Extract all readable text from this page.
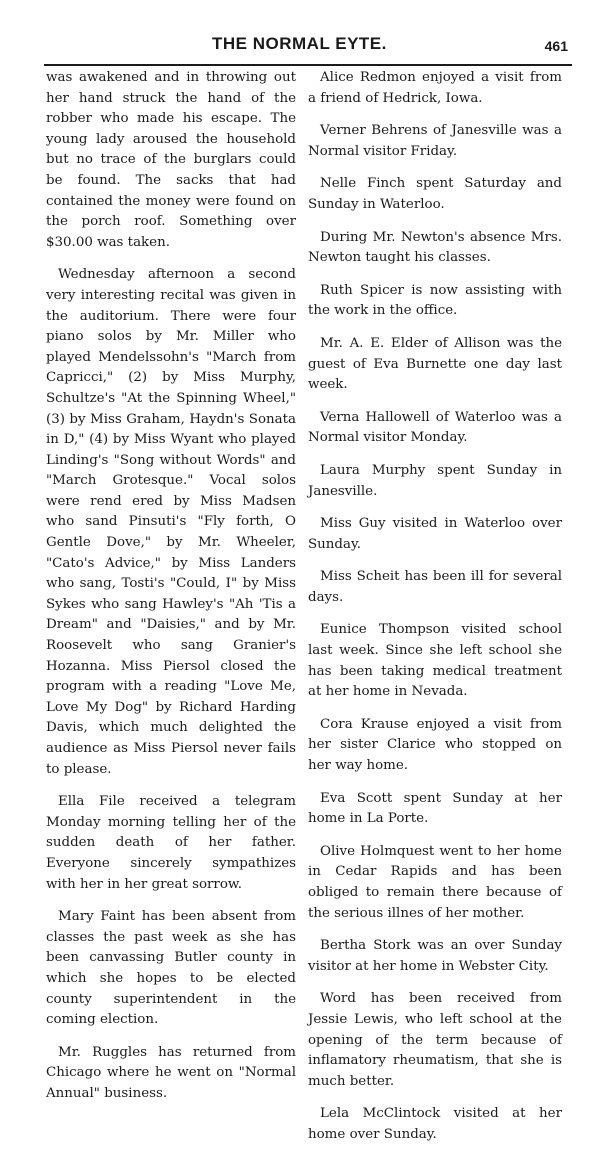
THE NORMAL EYTE.	461

was awakened and in throwing out her hand struck the hand of the robber who made his escape. The young lady aroused the household but no trace of the burglars could be found. The sacks that had contained the money were found on the porch roof. Something over $30.00 was taken.

Wednesday afternoon a second very interesting recital was given in the auditorium. There were four piano solos by Mr. Miller who played Mendelssohn's "March from Capricci," (2) by Miss Murphy, Schultze's "At the Spinning Wheel," (3) by Miss Graham, Haydn's Sonata in D," (4) by Miss Wyant who played Linding's "Song without Words" and "March Grotesque." Vocal solos were rend ered by Miss Madsen who sand Pinsuti's "Fly forth, O Gentle Dove," by Mr. Wheeler, "Cato's Advice," by Miss Landers who sang, Tosti's "Could, I" by Miss Sykes who sang Hawley's "Ah 'Tis a Dream" and "Daisies," and by Mr. Roosevelt who sang Granier's Hozanna. Miss Piersol closed the program with a reading "Love Me, Love My Dog" by Richard Harding Davis, which much delighted the audience as Miss Piersol never fails to please.

Ella File received a telegram Monday morning telling her of the sudden death of her father. Everyone sincerely sympathizes with her in her great sorrow.

Mary Faint has been absent from classes the past week as she has been canvassing Butler county in which she hopes to be elected county superintendent in the coming election.

Mr. Ruggles has returned from Chicago where he went on "Normal Annual" business.

Alice Redmon enjoyed a visit from a friend of Hedrick, Iowa.

Verner Behrens of Janesville was a Normal visitor Friday.

Nelle Finch spent Saturday and Sunday in Waterloo.

During Mr. Newton's absence Mrs. Newton taught his classes.

Ruth Spicer is now assisting with the work in the office.

Mr. A. E. Elder of Allison was the guest of Eva Burnette one day last week.

Verna Hallowell of Waterloo was a Normal visitor Monday.

Laura Murphy spent Sunday in Janesville.

Miss Guy visited in Waterloo over Sunday.

Miss Scheit has been ill for several days.

Eunice Thompson visited school last week. Since she left school she has been taking medical treatment at her home in Nevada.

Cora Krause enjoyed a visit from her sister Clarice who stopped on her way home.

Eva Scott spent Sunday at her home in La Porte.

Olive Holmquest went to her home in Cedar Rapids and has been obliged to remain there because of the serious illnes of her mother.

Bertha Stork was an over Sunday visitor at her home in Webster City.

Word has been received from Jessie Lewis, who left school at the opening of the term because of inflamatory rheumatism, that she is much better.

Lela McClintock visited at her home over Sunday.
